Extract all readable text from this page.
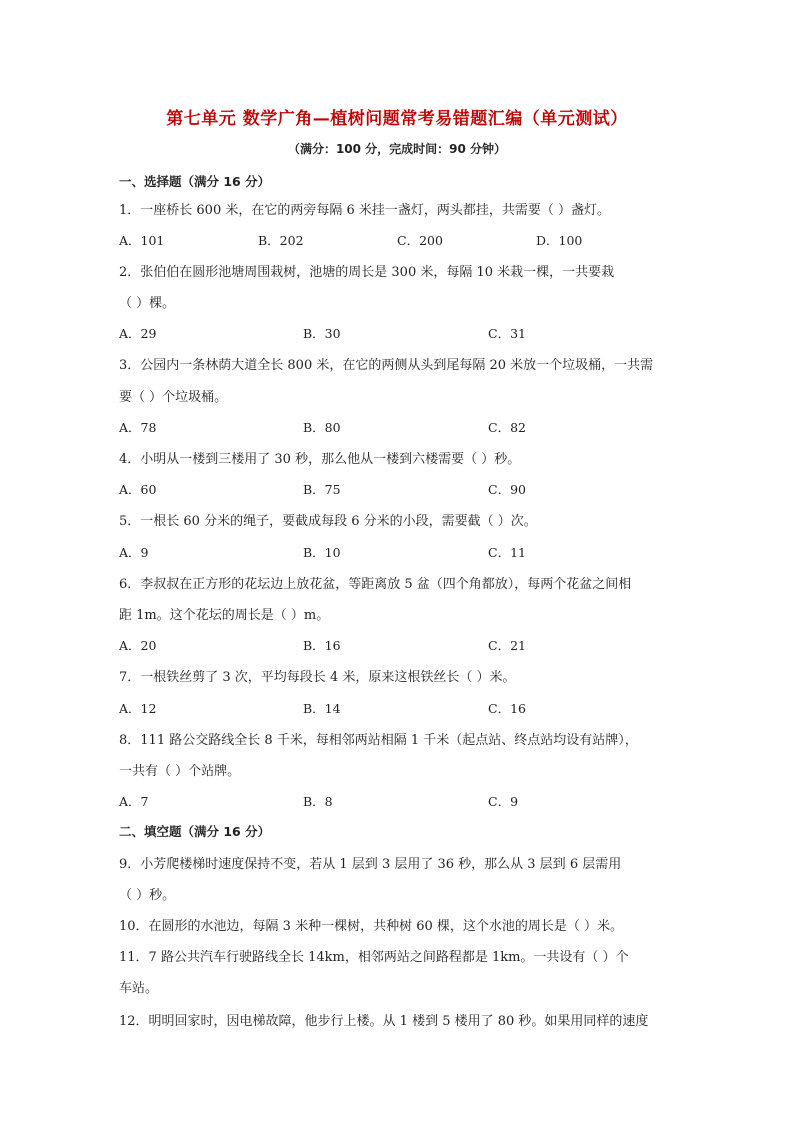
第七单元 数学广角—植树问题常考易错题汇编（单元测试）
（满分：100 分，完成时间：90 分钟）
一、选择题（满分 16 分）
1．一座桥长 600 米，在它的两旁每隔 6 米挂一盏灯，两头都挂，共需要（ ）盏灯。
A．101	B．202	C．200	D．100
2．张伯伯在圆形池塘周围栽树，池塘的周长是 300 米，每隔 10 米栽一棵，一共要栽
（ ）棵。
A．29	B．30	C．31
3．公园内一条林荫大道全长 800 米，在它的两侧从头到尾每隔 20 米放一个垃圾桶，一共需
要（ ）个垃圾桶。
A．78	B．80	C．82
4．小明从一楼到三楼用了 30 秒，那么他从一楼到六楼需要（ ）秒。
A．60	B．75	C．90
5．一根长 60 分米的绳子，要截成每段 6 分米的小段，需要截（ ）次。
A．9	B．10	C．11
6．李叔叔在正方形的花坛边上放花盆，等距离放 5 盆（四个角都放），每两个花盆之间相
距 1m。这个花坛的周长是（ ）m。
A．20	B．16	C．21
7．一根铁丝剪了 3 次，平均每段长 4 米，原来这根铁丝长（ ）米。
A．12	B．14	C．16
8．111 路公交路线全长 8 千米，每相邻两站相隔 1 千米（起点站、终点站均设有站牌），
一共有（ ）个站牌。
A．7	B．8	C．9
二、填空题（满分 16 分）
9．小芳爬楼梯时速度保持不变，若从 1 层到 3 层用了 36 秒，那么从 3 层到 6 层需用
（ ）秒。
10．在圆形的水池边，每隔 3 米种一棵树，共种树 60 棵，这个水池的周长是（ ）米。
11．7 路公共汽车行驶路线全长 14km，相邻两站之间路程都是 1km。一共设有（ ）个
车站。
12．明明回家时，因电梯故障，他步行上楼。从 1 楼到 5 楼用了 80 秒。如果用同样的速度
